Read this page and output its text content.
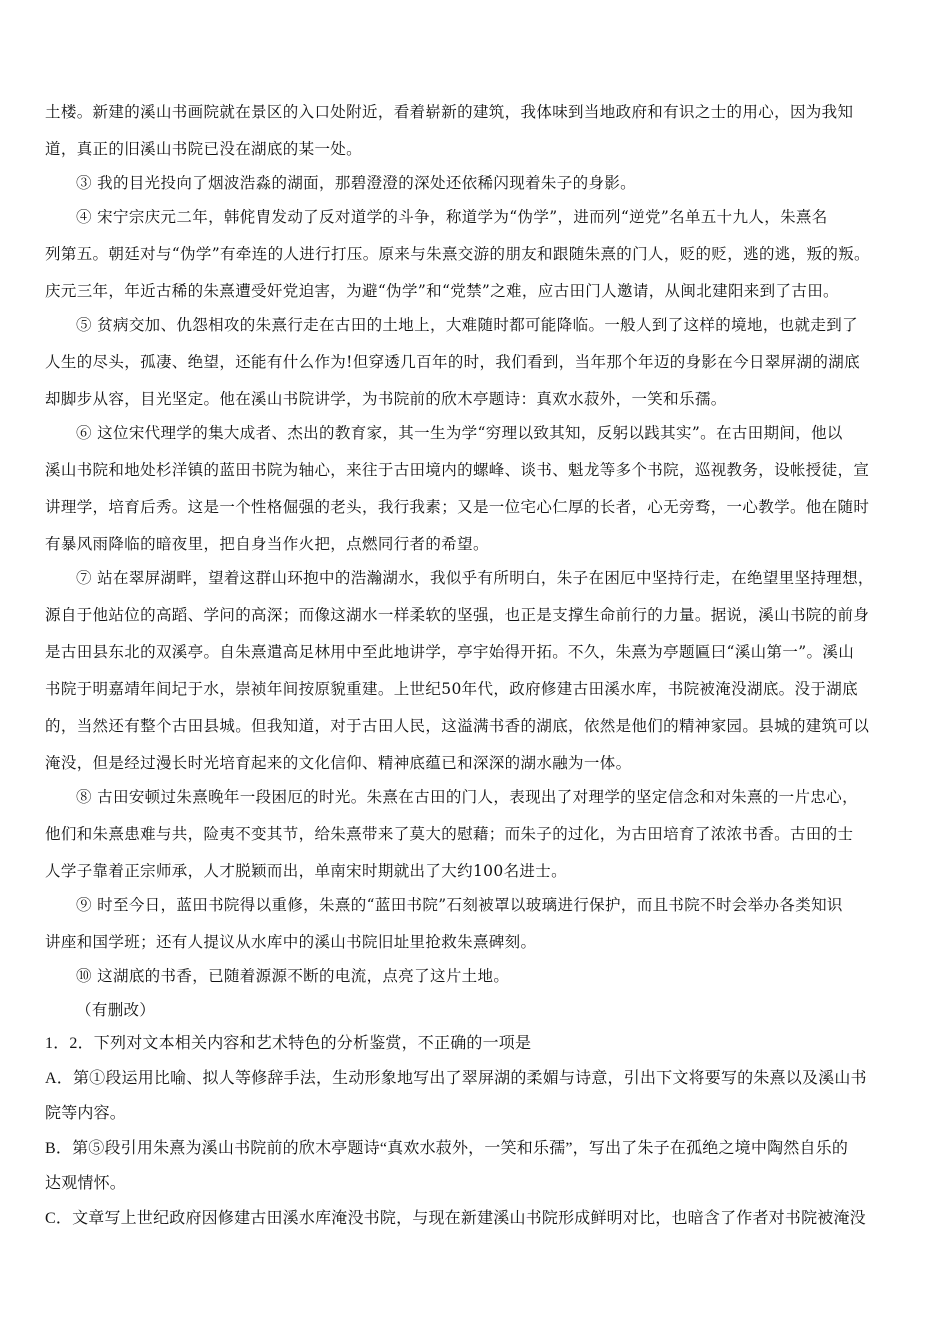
土楼。新建的溪山书画院就在景区的入口处附近，看着崭新的建筑，我体味到当地政府和有识之士的用心，因为我知
道，真正的旧溪山书院已没在湖底的某一处。
③ 我的目光投向了烟波浩淼的湖面，那碧澄澄的深处还依稀闪现着朱子的身影。
④ 宋宁宗庆元二年，韩侂胄发动了反对道学的斗争，称道学为“伪学”，进而列“逆党”名单五十九人，朱熹名
列第五。朝廷对与“伪学”有牵连的人进行打压。原来与朱熹交游的朋友和跟随朱熹的门人，贬的贬，逃的逃，叛的叛。
庆元三年，年近古稀的朱熹遭受奸党迫害，为避“伪学”和“党禁”之难，应古田门人邀请，从闽北建阳来到了古田。
⑤ 贫病交加、仇怨相攻的朱熹行走在古田的土地上，大难随时都可能降临。一般人到了这样的境地，也就走到了
人生的尽头，孤凄、绝望，还能有什么作为!但穿透几百年的时，我们看到，当年那个年迈的身影在今日翠屏湖的湖底
却脚步从容，目光坚定。他在溪山书院讲学，为书院前的欣木亭题诗：真欢水菽外，一笑和乐孺。
⑥ 这位宋代理学的集大成者、杰出的教育家，其一生为学“穷理以致其知，反躬以践其实”。在古田期间，他以
溪山书院和地处杉洋镇的蓝田书院为轴心，来往于古田境内的螺峰、谈书、魁龙等多个书院，巡视教务，设帐授徒，宣
讲理学，培育后秀。这是一个性格倔强的老头，我行我素；又是一位宅心仁厚的长者，心无旁骛，一心教学。他在随时
有暴风雨降临的暗夜里，把自身当作火把，点燃同行者的希望。
⑦ 站在翠屏湖畔，望着这群山环抱中的浩瀚湖水，我似乎有所明白，朱子在困厄中坚持行走，在绝望里坚持理想，
源自于他站位的高蹈、学问的高深；而像这湖水一样柔软的坚强，也正是支撑生命前行的力量。据说，溪山书院的前身
是古田县东北的双溪亭。自朱熹遣高足林用中至此地讲学，亭宇始得开拓。不久，朱熹为亭题匾曰“溪山第一”。溪山
书院于明嘉靖年间圮于水，崇祯年间按原貌重建。上世纪50年代，政府修建古田溪水库，书院被淹没湖底。没于湖底
的，当然还有整个古田县城。但我知道，对于古田人民，这溢满书香的湖底，依然是他们的精神家园。县城的建筑可以
淹没，但是经过漫长时光培育起来的文化信仰、精神底蕴已和深深的湖水融为一体。
⑧ 古田安顿过朱熹晚年一段困厄的时光。朱熹在古田的门人，表现出了对理学的坚定信念和对朱熹的一片忠心，
他们和朱熹患难与共，险夷不变其节，给朱熹带来了莫大的慰藉；而朱子的过化，为古田培育了浓浓书香。古田的士
人学子靠着正宗师承，人才脱颖而出，单南宋时期就出了大约100名进士。
⑨ 时至今日，蓝田书院得以重修，朱熹的“蓝田书院”石刻被罩以玻璃进行保护，而且书院不时会举办各类知识
讲座和国学班；还有人提议从水库中的溪山书院旧址里抢救朱熹碑刻。
⑩ 这湖底的书香，已随着源源不断的电流，点亮了这片土地。
（有删改）
1．2．下列对文本相关内容和艺术特色的分析鉴赏，不正确的一项是
A．第①段运用比喻、拟人等修辞手法，生动形象地写出了翠屏湖的柔媚与诗意，引出下文将要写的朱熹以及溪山书
院等内容。
B．第⑤段引用朱熹为溪山书院前的欣木亭题诗“真欢水菽外，一笑和乐孺”，写出了朱子在孤绝之境中陶然自乐的
达观情怀。
C．文章写上世纪政府因修建古田溪水库淹没书院，与现在新建溪山书院形成鲜明对比，也暗含了作者对书院被淹没
